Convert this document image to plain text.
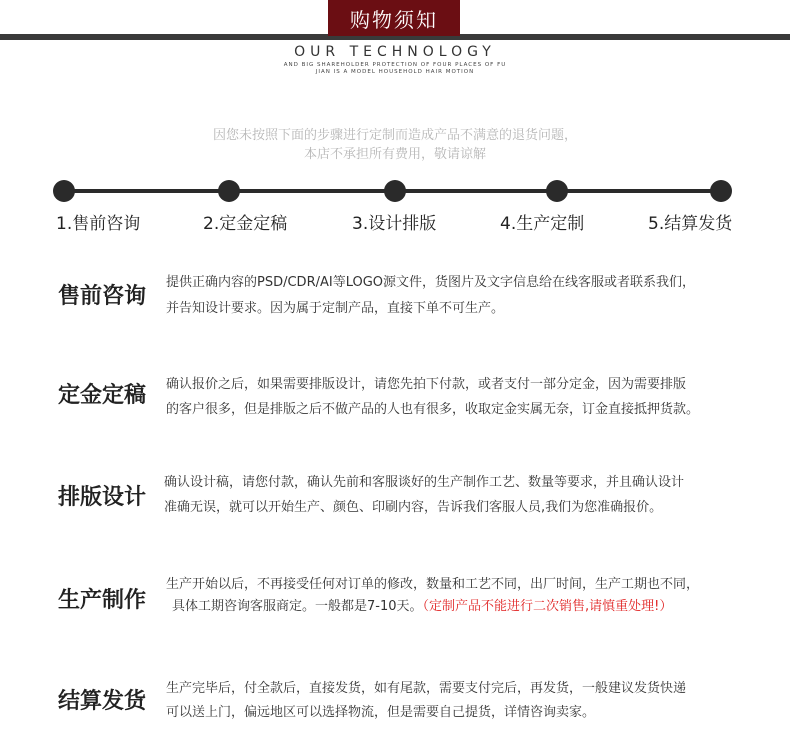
购物须知
OUR TECHNOLOGY
AND BIG SHAREHOLDER PROTECTION OF FOUR PLACES OF FU
JIAN IS A MODEL HOUSEHOLD HAIR MOTION
因您未按照下面的步骤进行定制而造成产品不满意的退货问题，
本店不承担所有费用，敬请谅解
1.售前咨询	2.定金定稿	3.设计排版	4.生产定制	5.结算发货
售前咨询
提供正确内容的PSD/CDR/AI等LOGO源文件，货图片及文字信息给在线客服或者联系我们，
并告知设计要求。因为属于定制产品，直接下单不可生产。
定金定稿 确认报价之后，如果需要排版设计，请您先拍下付款，或者支付一部分定金，因为需要排版
的客户很多，但是排版之后不做产品的人也有很多，收取定金实属无奈，订金直接抵押货款。
排版设计
确认设计稿，请您付款，确认先前和客服谈好的生产制作工艺、数量等要求，并且确认设计
准确无误，就可以开始生产、颜色、印刷内容，告诉我们客服人员,我们为您准确报价。
生产制作
生产开始以后，不再接受任何对订单的修改，数量和工艺不同，出厂时间，生产工期也不同，
具体工期咨询客服商定。一般都是7-10天。（定制产品不能进行二次销售,请慎重处理!）
结算发货
生产完毕后，付全款后，直接发货，如有尾款，需要支付完后，再发货，一般建议发货快递
可以送上门，偏远地区可以选择物流，但是需要自己提货，详情咨询卖家。
